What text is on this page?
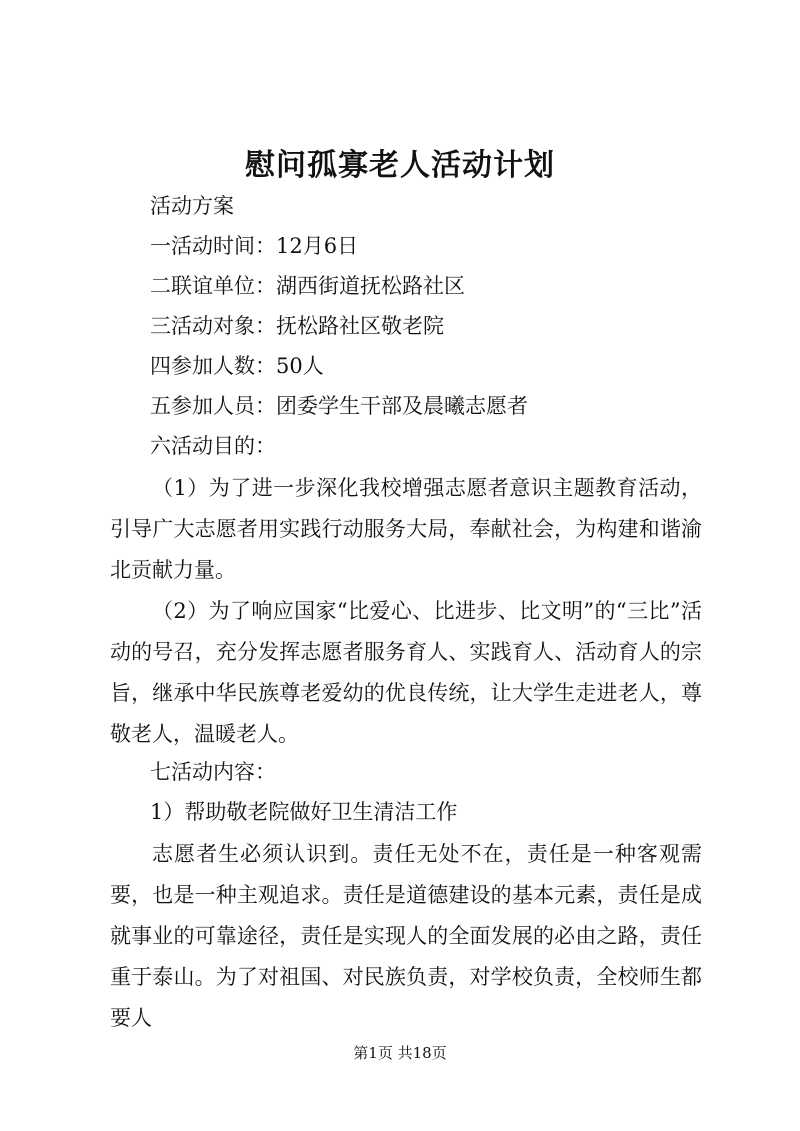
慰问孤寡老人活动计划

活动方案

一活动时间：12月6日

二联谊单位：湖西街道抚松路社区

三活动对象：抚松路社区敬老院

四参加人数：50人

五参加人员：团委学生干部及晨曦志愿者

六活动目的：

（1）为了进一步深化我校增强志愿者意识主题教育活动，引导广大志愿者用实践行动服务大局，奉献社会，为构建和谐渝北贡献力量。

（2）为了响应国家“比爱心、比进步、比文明”的“三比”活动的号召，充分发挥志愿者服务育人、实践育人、活动育人的宗旨，继承中华民族尊老爱幼的优良传统，让大学生走进老人，尊敬老人，温暖老人。

七活动内容：

1）帮助敬老院做好卫生清洁工作

志愿者生必须认识到。责任无处不在，责任是一种客观需要，也是一种主观追求。责任是道德建设的基本元素，责任是成就事业的可靠途径，责任是实现人的全面发展的必由之路，责任重于泰山。为了对祖国、对民族负责，对学校负责，全校师生都要人

第1页 共18页
